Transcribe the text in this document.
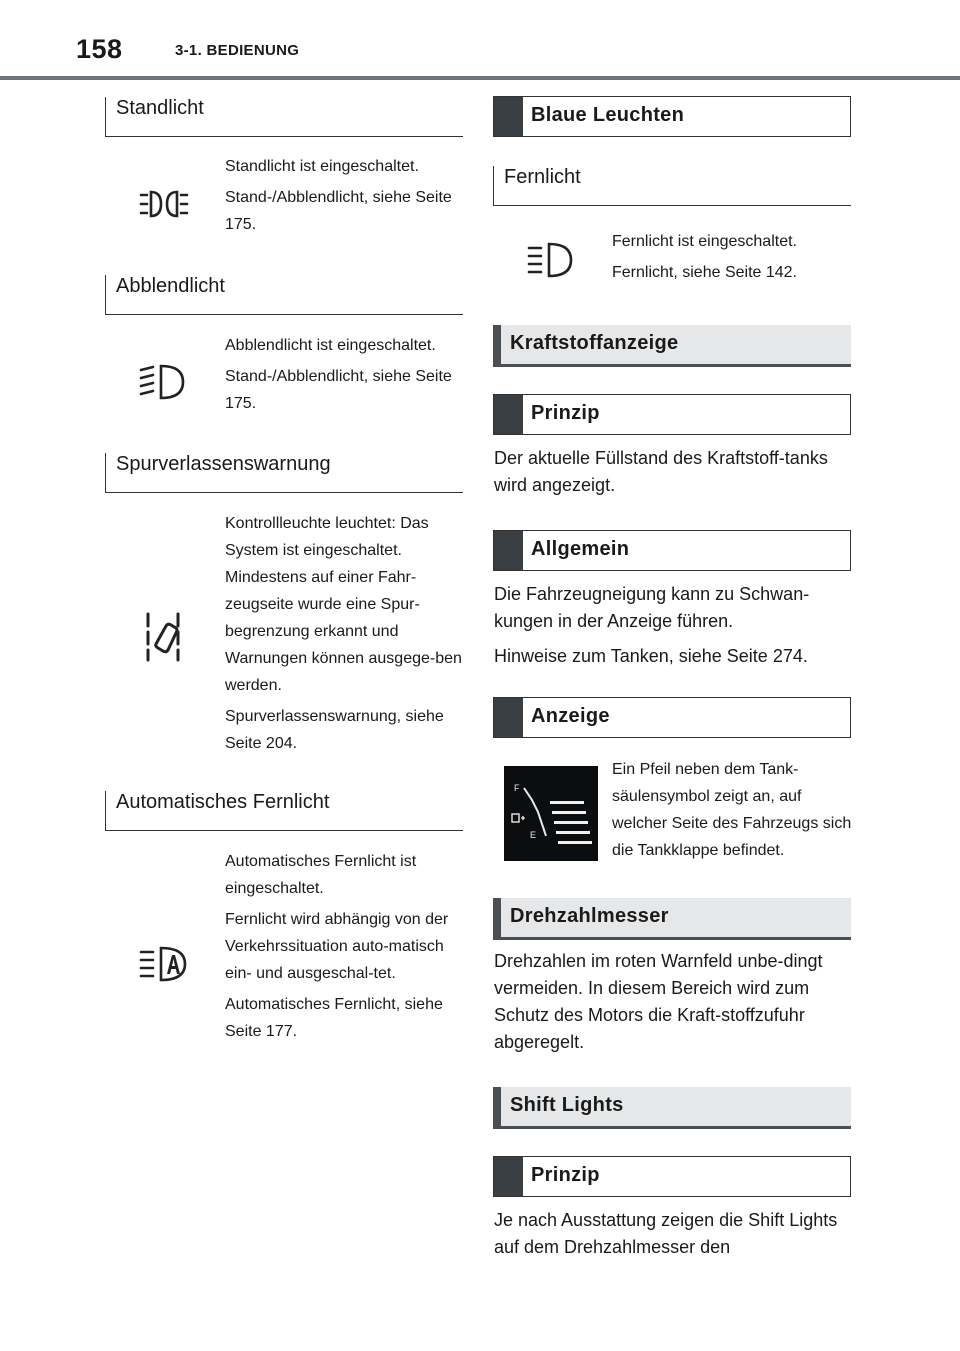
158	3-1. BEDIENUNG
Standlicht

Standlicht ist eingeschaltet.

Stand-/Abblendlicht, siehe Seite 175.

Abblendlicht

Abblendlicht ist eingeschaltet.

Stand-/Abblendlicht, siehe Seite 175.

Spurverlassenswarnung

Kontrollleuchte leuchtet: Das System ist eingeschaltet. Mindestens auf einer Fahr-zeugseite wurde eine Spur-begrenzung erkannt und Warnungen können ausgege-ben werden.

Spurverlassenswarnung, siehe Seite 204.

Automatisches Fernlicht

Automatisches Fernlicht ist eingeschaltet.

Fernlicht wird abhängig von der Verkehrssituation auto-matisch ein- und ausgeschal-tet.

Automatisches Fernlicht, siehe Seite 177.

Blaue Leuchten
Fernlicht

Fernlicht ist eingeschaltet.

Fernlicht, siehe Seite 142.

Kraftstoffanzeige
Prinzip

Der aktuelle Füllstand des Kraftstoff-tanks wird angezeigt.

Allgemein

Die Fahrzeugneigung kann zu Schwan-kungen in der Anzeige führen.

Hinweise zum Tanken, siehe Seite 274.

Anzeige
F
E

Ein Pfeil neben dem Tank-säulensymbol zeigt an, auf welcher Seite des Fahrzeugs sich die Tankklappe befindet.

Drehzahlmesser

Drehzahlen im roten Warnfeld unbe-dingt vermeiden. In diesem Bereich wird zum Schutz des Motors die Kraft-stoffzufuhr abgeregelt.

Shift Lights
Prinzip

Je nach Ausstattung zeigen die Shift Lights auf dem Drehzahlmesser den
